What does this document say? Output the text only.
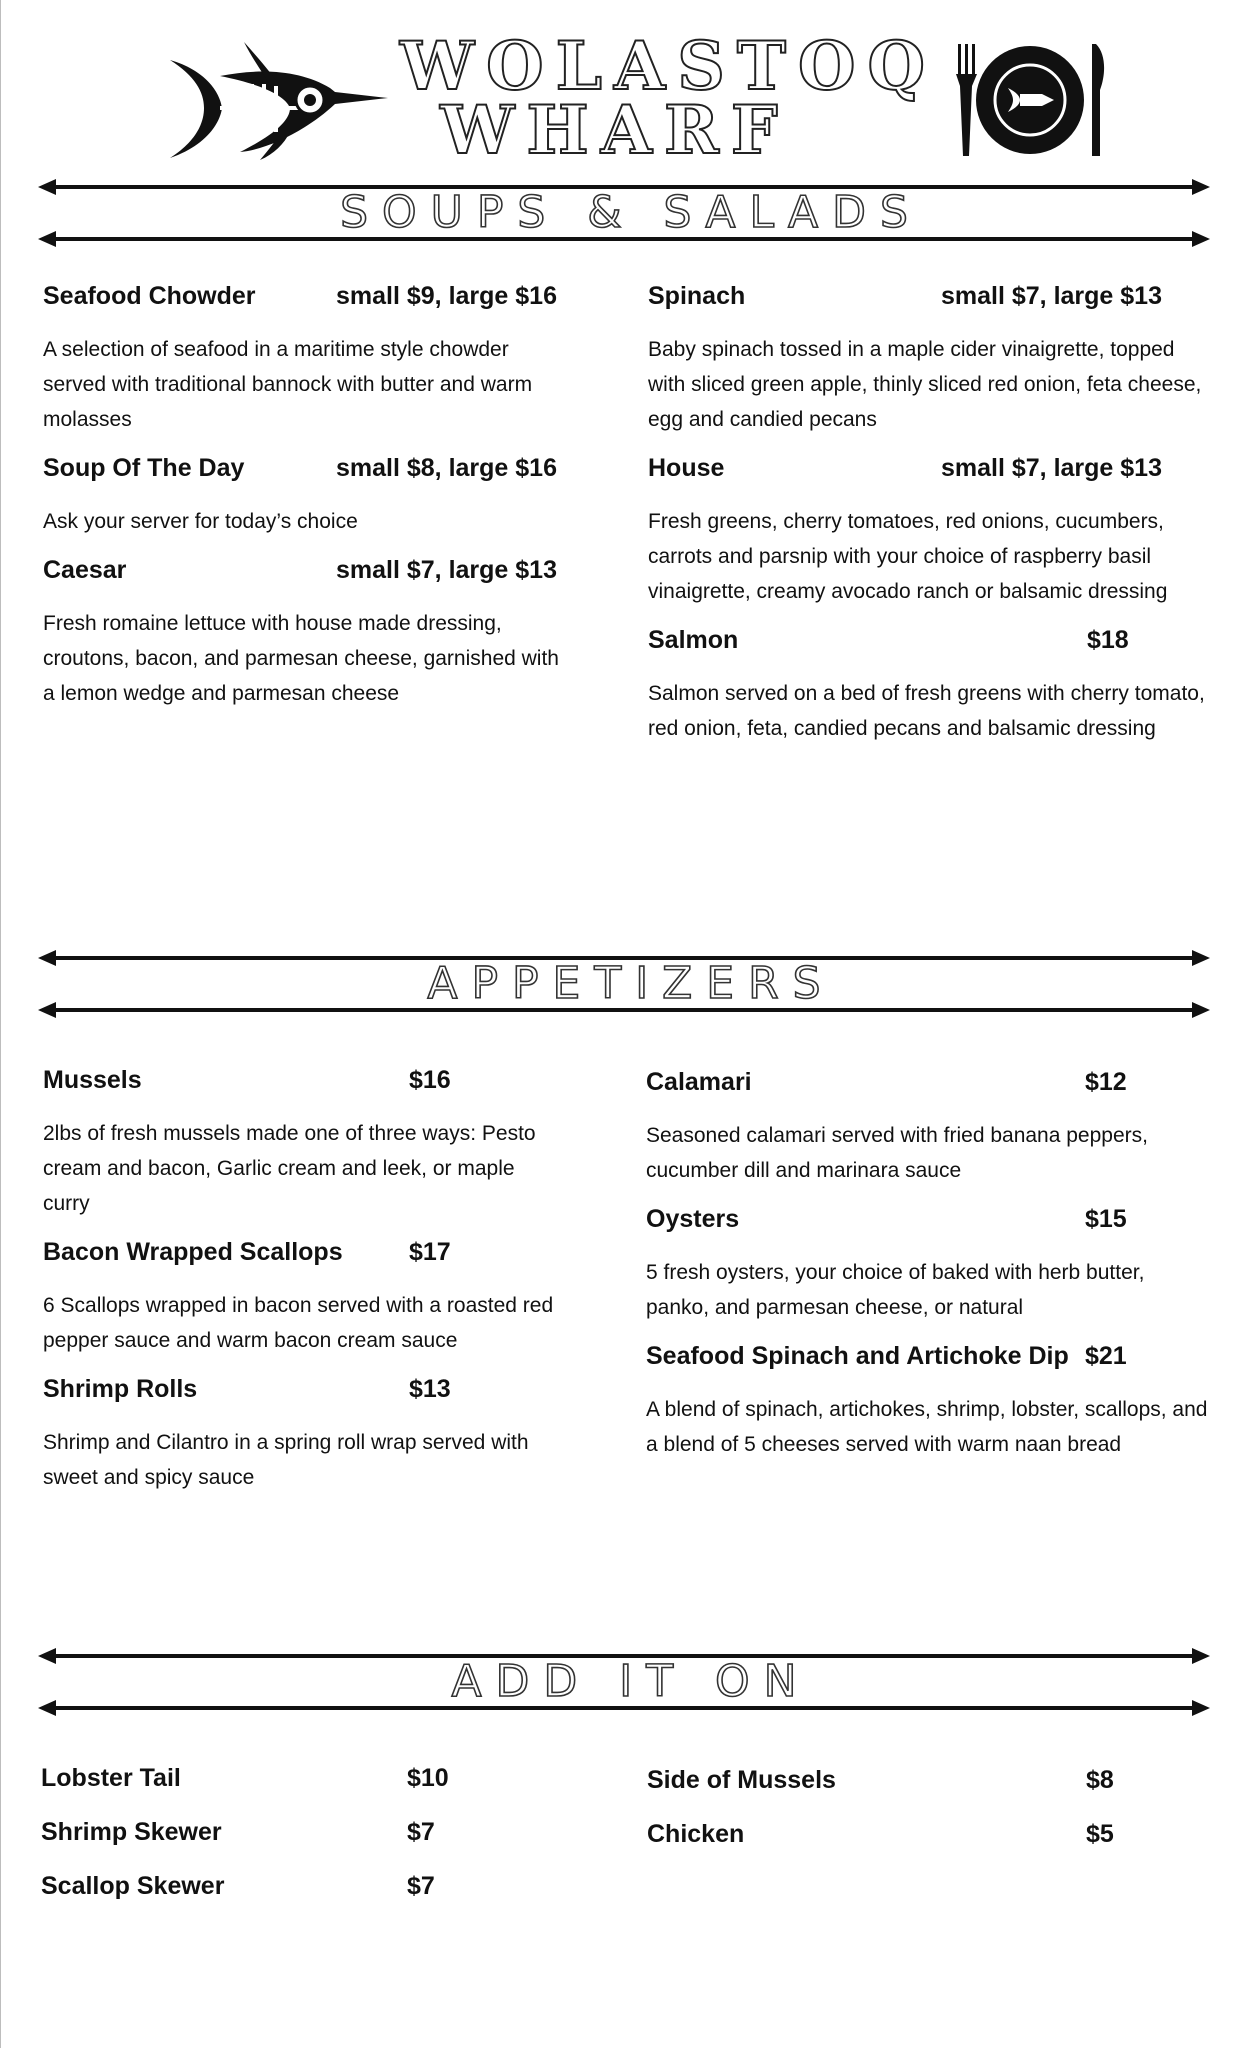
WOLASTOQ
WHARF
S O U P S   &   S A L A D S
Seafood Chowder	small $9, large $16
A selection of seafood in a maritime style chowder served with traditional bannock with butter and warm molasses
Soup Of The Day	small $8, large $16
Ask your server for today’s choice
Caesar	small $7, large $13
Fresh romaine lettuce with house made dressing, croutons, bacon, and parmesan cheese, garnished with a lemon wedge and parmesan cheese
Spinach	small $7, large $13
Baby spinach tossed in a maple cider vinaigrette, topped with sliced green apple, thinly sliced red onion, feta cheese, egg and candied pecans
House	small $7, large $13
Fresh greens, cherry tomatoes, red onions, cucumbers, carrots and parsnip with your choice of raspberry basil vinaigrette, creamy avocado ranch or balsamic dressing
Salmon	$18
Salmon served on a bed of fresh greens with cherry tomato, red onion, feta, candied pecans and balsamic dressing
A P P E T I Z E R S
Mussels	$16
2lbs of fresh mussels made one of three ways: Pesto cream and bacon, Garlic cream and leek, or maple curry
Bacon Wrapped Scallops	$17
6 Scallops wrapped in bacon served with a roasted red pepper sauce and warm bacon cream sauce
Shrimp Rolls	$13
Shrimp and Cilantro in a spring roll wrap served with sweet and spicy sauce
Calamari	$12
Seasoned calamari served with fried banana peppers, cucumber dill and marinara sauce
Oysters	$15
5 fresh oysters, your choice of baked with herb butter, panko, and parmesan cheese, or natural
Seafood Spinach and Artichoke Dip $21
A blend of spinach, artichokes, shrimp, lobster, scallops, and a blend of 5 cheeses served with warm naan bread
A D D   I T   O N
Lobster Tail	$10
Shrimp Skewer	$7
Scallop Skewer	$7
Side of Mussels	$8
Chicken	$5
